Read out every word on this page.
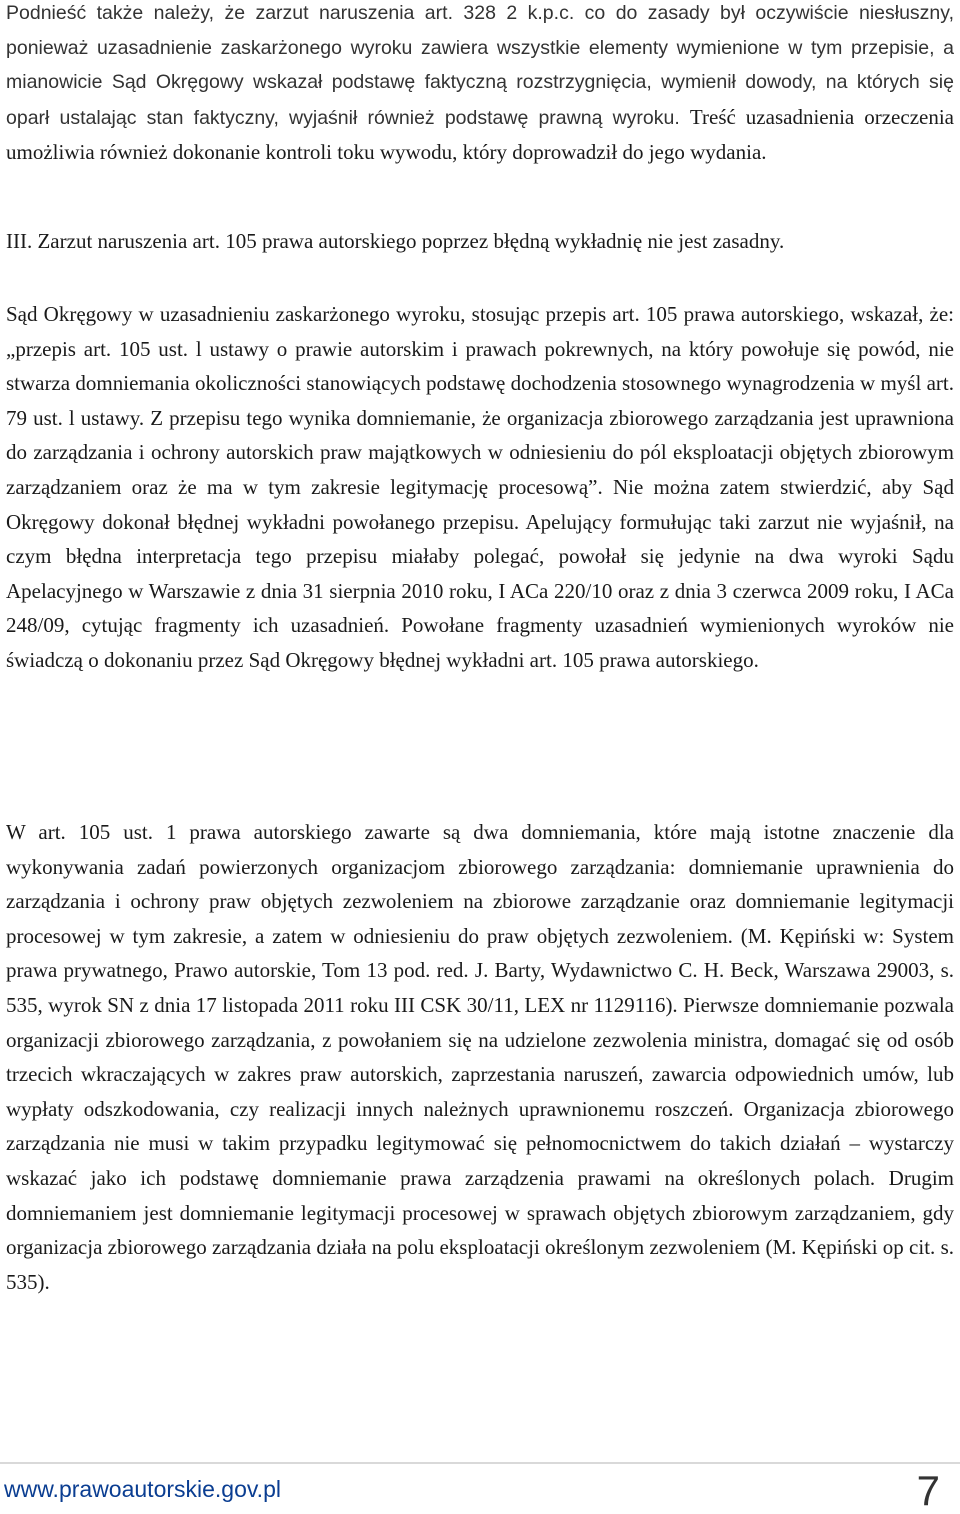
Podnieść także należy, że zarzut naruszenia art. 328 2 k.p.c. co do zasady był oczywiście niesłuszny, ponieważ uzasadnienie zaskarżonego wyroku zawiera wszystkie elementy wymienione w tym przepisie, a mianowicie Sąd Okręgowy wskazał podstawę faktyczną rozstrzygnięcia, wymienił dowody, na których się oparł ustalając stan faktyczny, wyjaśnił również podstawę prawną wyroku. Treść uzasadnienia orzeczenia umożliwia również dokonanie kontroli toku wywodu, który doprowadził do jego wydania.

III. Zarzut naruszenia art. 105 prawa autorskiego poprzez błędną wykładnię nie jest zasadny.

Sąd Okręgowy w uzasadnieniu zaskarżonego wyroku, stosując przepis art. 105 prawa autorskiego, wskazał, że: „przepis art. 105 ust. l ustawy o prawie autorskim i prawach pokrewnych, na który powołuje się powód, nie stwarza domniemania okoliczności stanowiących podstawę dochodzenia stosownego wynagrodzenia w myśl art. 79 ust. l ustawy. Z przepisu tego wynika domniemanie, że organizacja zbiorowego zarządzania jest uprawniona do zarządzania i ochrony autorskich praw majątkowych w odniesieniu do pól eksploatacji objętych zbiorowym zarządzaniem oraz że ma w tym zakresie legitymację procesową”. Nie można zatem stwierdzić, aby Sąd Okręgowy dokonał błędnej wykładni powołanego przepisu. Apelujący formułując taki zarzut nie wyjaśnił, na czym błędna interpretacja tego przepisu miałaby polegać, powołał się jedynie na dwa wyroki Sądu Apelacyjnego w Warszawie z dnia 31 sierpnia 2010 roku, I ACa 220/10 oraz z dnia 3 czerwca 2009 roku, I ACa 248/09, cytując fragmenty ich uzasadnień. Powołane fragmenty uzasadnień wymienionych wyroków nie świadczą o dokonaniu przez Sąd Okręgowy błędnej wykładni art. 105 prawa autorskiego.

W art. 105 ust. 1 prawa autorskiego zawarte są dwa domniemania, które mają istotne znaczenie dla wykonywania zadań powierzonych organizacjom zbiorowego zarządzania: domniemanie uprawnienia do zarządzania i ochrony praw objętych zezwoleniem na zbiorowe zarządzanie oraz domniemanie legitymacji procesowej w tym zakresie, a zatem w odniesieniu do praw objętych zezwoleniem. (M. Kępiński w: System prawa prywatnego, Prawo autorskie, Tom 13 pod. red. J. Barty, Wydawnictwo C. H. Beck, Warszawa 29003, s. 535, wyrok SN z dnia 17 listopada 2011 roku III CSK 30/11, LEX nr 1129116). Pierwsze domniemanie pozwala organizacji zbiorowego zarządzania, z powołaniem się na udzielone zezwolenia ministra, domagać się od osób trzecich wkraczających w zakres praw autorskich, zaprzestania naruszeń, zawarcia odpowiednich umów, lub wypłaty odszkodowania, czy realizacji innych należnych uprawnionemu roszczeń. Organizacja zbiorowego zarządzania nie musi w takim przypadku legitymować się pełnomocnictwem do takich działań – wystarczy wskazać jako ich podstawę domniemanie prawa zarządzenia prawami na określonych polach. Drugim domniemaniem jest domniemanie legitymacji procesowej w sprawach objętych zbiorowym zarządzaniem, gdy organizacja zbiorowego zarządzania działa na polu eksploatacji określonym zezwoleniem (M. Kępiński op cit. s. 535).

www.prawoautorskie.gov.pl	7
